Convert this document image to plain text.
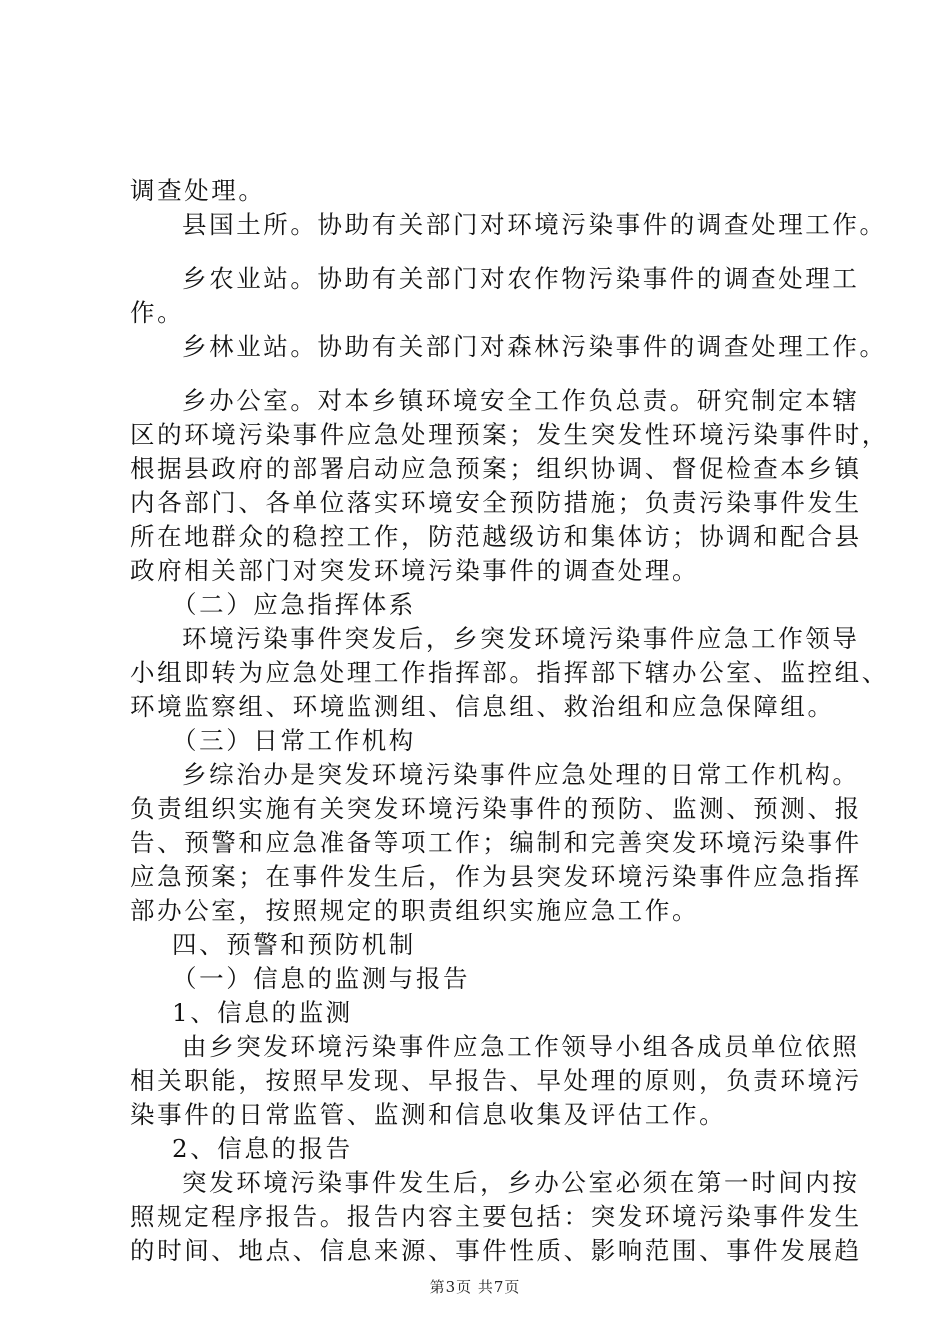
调查处理。
县国土所。协助有关部门对环境污染事件的调查处理工作。
乡农业站。协助有关部门对农作物污染事件的调查处理工
作。
乡林业站。协助有关部门对森林污染事件的调查处理工作。
乡办公室。对本乡镇环境安全工作负总责。研究制定本辖
区的环境污染事件应急处理预案；发生突发性环境污染事件时，
根据县政府的部署启动应急预案；组织协调、督促检查本乡镇
内各部门、各单位落实环境安全预防措施；负责污染事件发生
所在地群众的稳控工作，防范越级访和集体访；协调和配合县
政府相关部门对突发环境污染事件的调查处理。
（二）应急指挥体系
环境污染事件突发后，乡突发环境污染事件应急工作领导
小组即转为应急处理工作指挥部。指挥部下辖办公室、监控组、
环境监察组、环境监测组、信息组、救治组和应急保障组。
（三）日常工作机构
乡综治办是突发环境污染事件应急处理的日常工作机构。
负责组织实施有关突发环境污染事件的预防、监测、预测、报
告、预警和应急准备等项工作；编制和完善突发环境污染事件
应急预案；在事件发生后，作为县突发环境污染事件应急指挥
部办公室，按照规定的职责组织实施应急工作。
四、预警和预防机制
（一）信息的监测与报告
1、信息的监测
由乡突发环境污染事件应急工作领导小组各成员单位依照
相关职能，按照早发现、早报告、早处理的原则，负责环境污
染事件的日常监管、监测和信息收集及评估工作。
2、信息的报告
突发环境污染事件发生后，乡办公室必须在第一时间内按
照规定程序报告。报告内容主要包括：突发环境污染事件发生
的时间、地点、信息来源、事件性质、影响范围、事件发展趋
第3页 共7页
